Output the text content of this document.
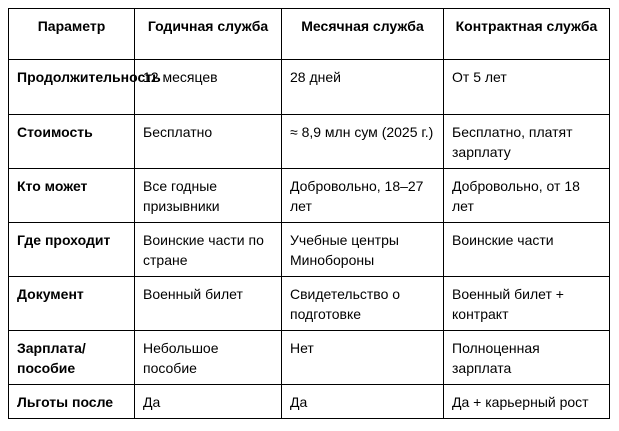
Параметр	Годичная служба	Месячная служба	Контрактная служба

Продолжительность	12 месяцев	28 дней	От 5 лет

Стоимость	Бесплатно	≈ 8,9 млн сум (2025 г.)	Бесплатно, платят зарплату

Кто может	Все годные призывники	Добровольно, 18–27 лет	Добровольно, от 18 лет

Где проходит	Воинские части по стране	Учебные центры Минобороны	Воинские части

Документ	Военный билет	Свидетельство о подготовке	Военный билет + контракт

Зарплата/ пособие	Небольшое пособие	Нет	Полноценная зарплата

Льготы после	Да	Да	Да + карьерный рост
